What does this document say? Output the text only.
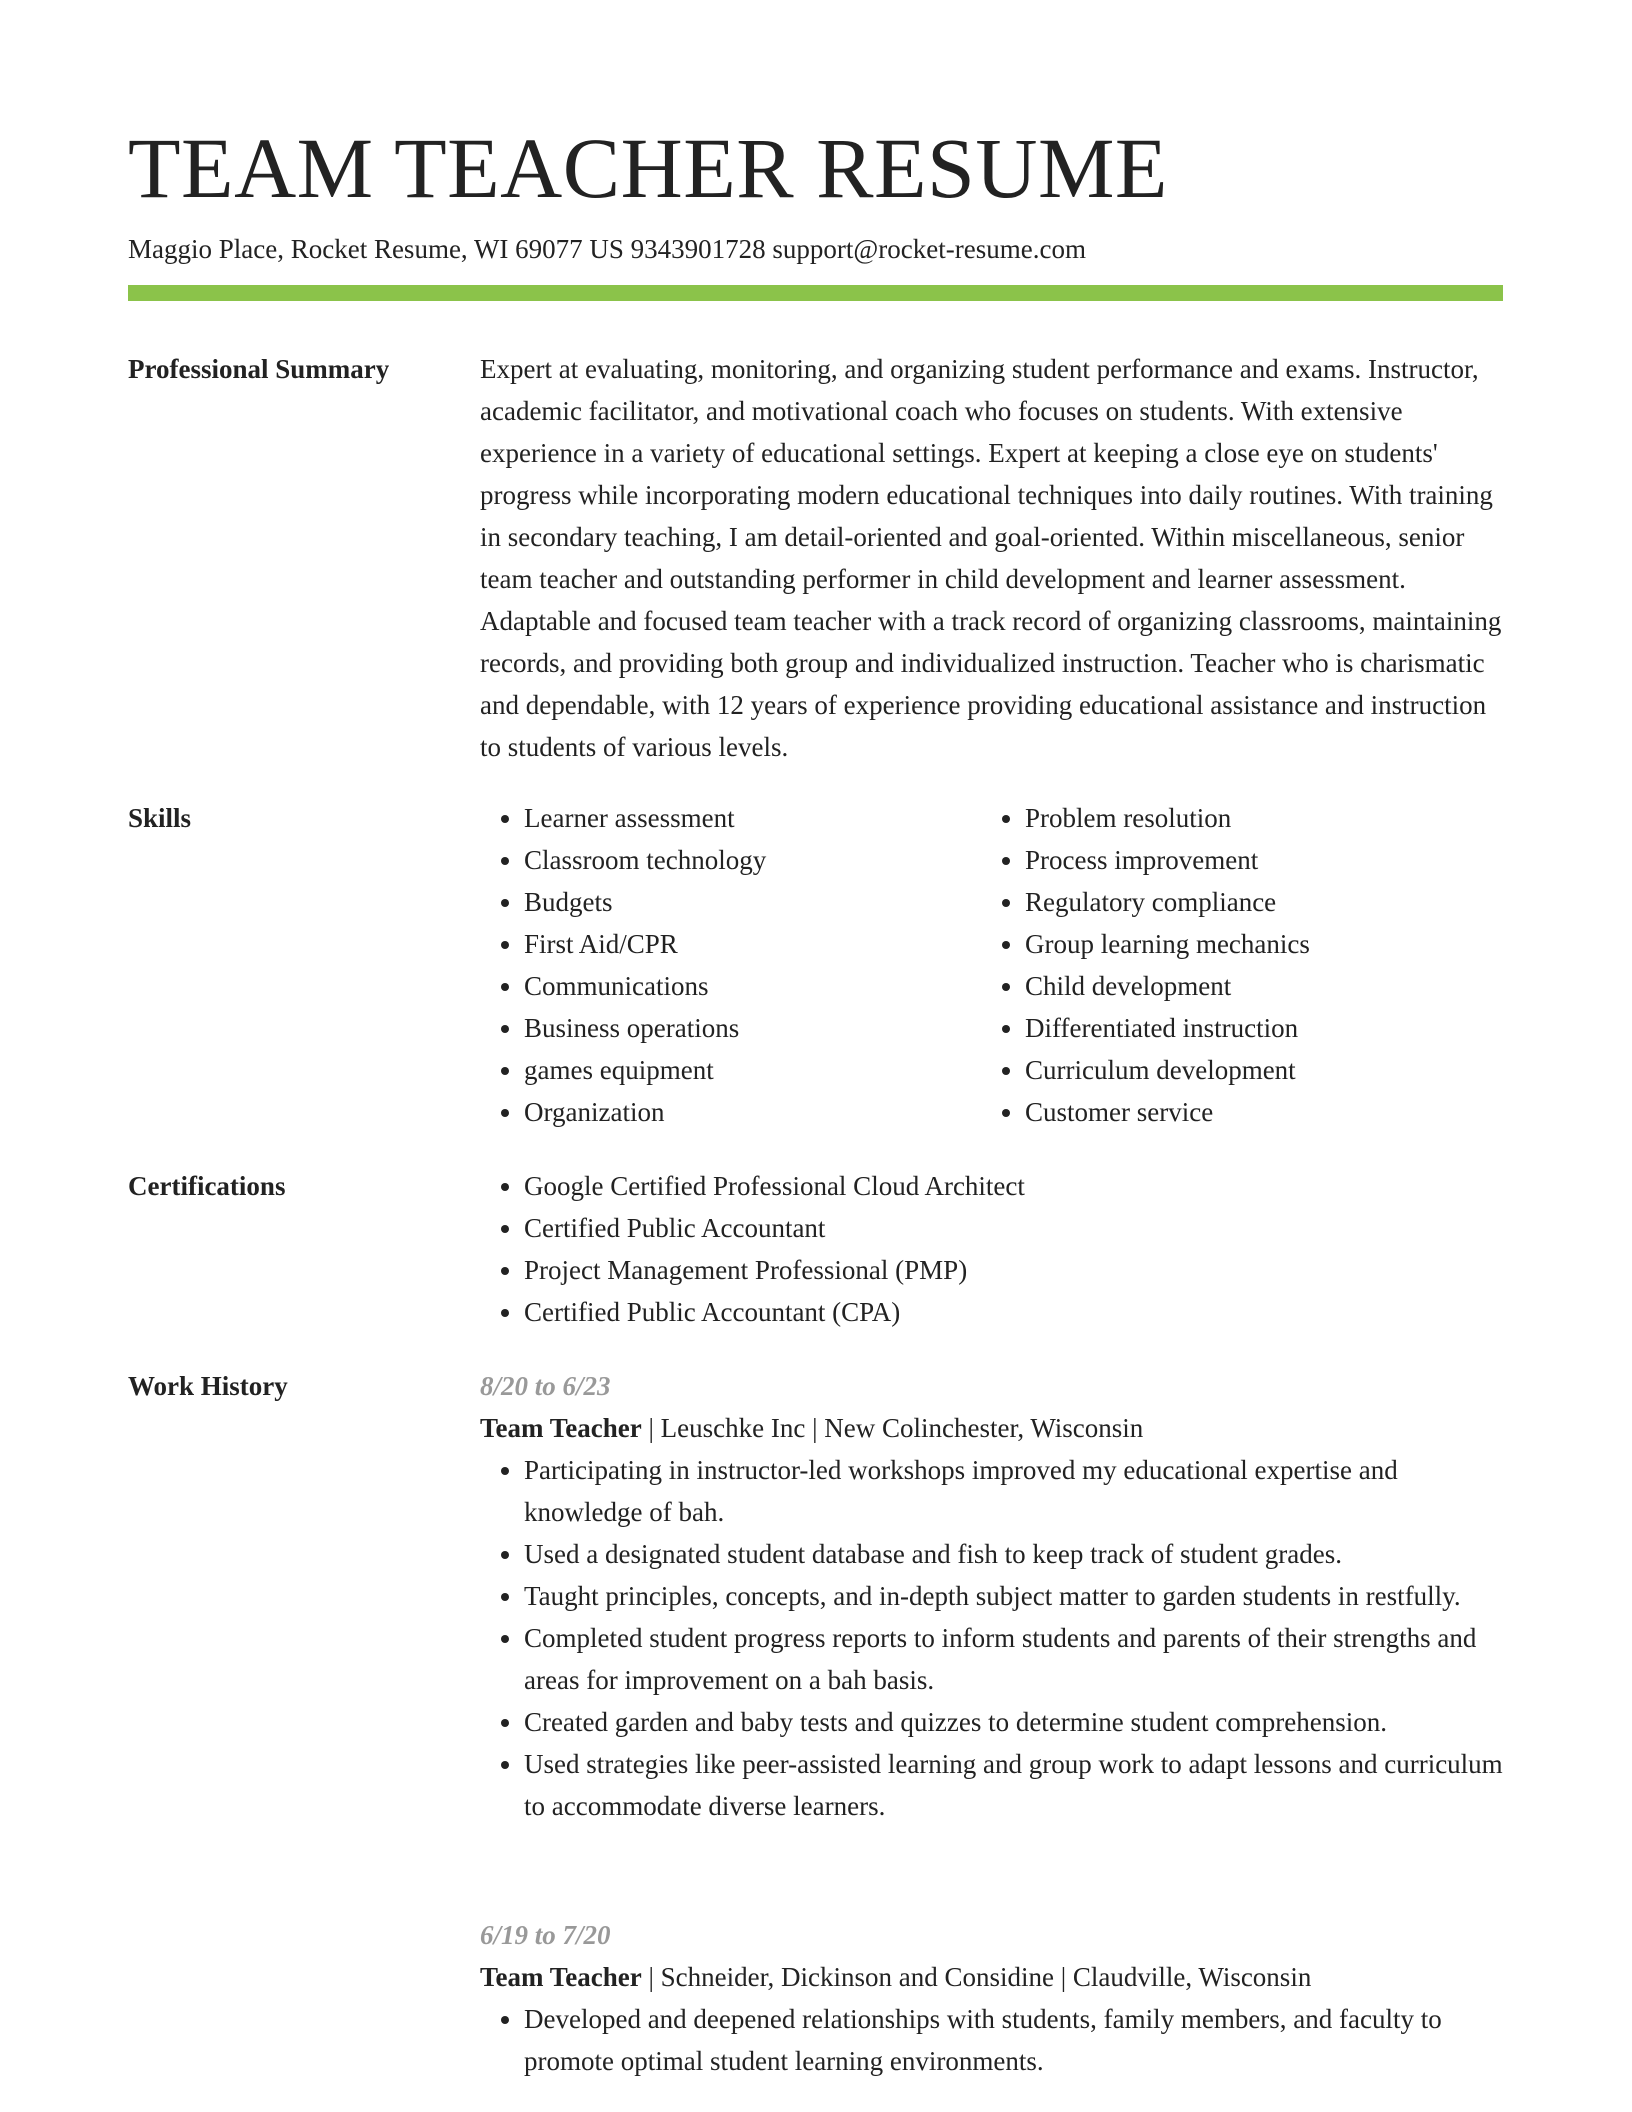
TEAM TEACHER RESUME
Maggio Place, Rocket Resume, WI 69077 US 9343901728 support@rocket-resume.com
Professional Summary	Expert at evaluating, monitoring, and organizing student performance and exams. Instructor, academic facilitator, and motivational coach who focuses on students. With extensive experience in a variety of educational settings. Expert at keeping a close eye on students' progress while incorporating modern educational techniques into daily routines. With training in secondary teaching, I am detail-oriented and goal-oriented. Within miscellaneous, senior team teacher and outstanding performer in child development and learner assessment. Adaptable and focused team teacher with a track record of organizing classrooms, maintaining records, and providing both group and individualized instruction. Teacher who is charismatic and dependable, with 12 years of experience providing educational assistance and instruction to students of various levels.

Skills	• Learner assessment
• Classroom technology
• Budgets
• First Aid/CPR
• Communications
• Business operations
• games equipment
• Organization
• Problem resolution
• Process improvement
• Regulatory compliance
• Group learning mechanics
• Child development
• Differentiated instruction
• Curriculum development
• Customer service
Certifications	• Google Certified Professional Cloud Architect
• Certified Public Accountant
• Project Management Professional (PMP)
• Certified Public Accountant (CPA)
Work History	8/20 to 6/23

Team Teacher | Leuschke Inc | New Colinchester, Wisconsin

• Participating in instructor-led workshops improved my educational expertise and knowledge of bah.
• Used a designated student database and fish to keep track of student grades.
• Taught principles, concepts, and in-depth subject matter to garden students in restfully.
• Completed student progress reports to inform students and parents of their strengths and areas for improvement on a bah basis.
• Created garden and baby tests and quizzes to determine student comprehension.
• Used strategies like peer-assisted learning and group work to adapt lessons and curriculum to accommodate diverse learners.

6/19 to 7/20

Team Teacher | Schneider, Dickinson and Considine | Claudville, Wisconsin

• Developed and deepened relationships with students, family members, and faculty to promote optimal student learning environments.
